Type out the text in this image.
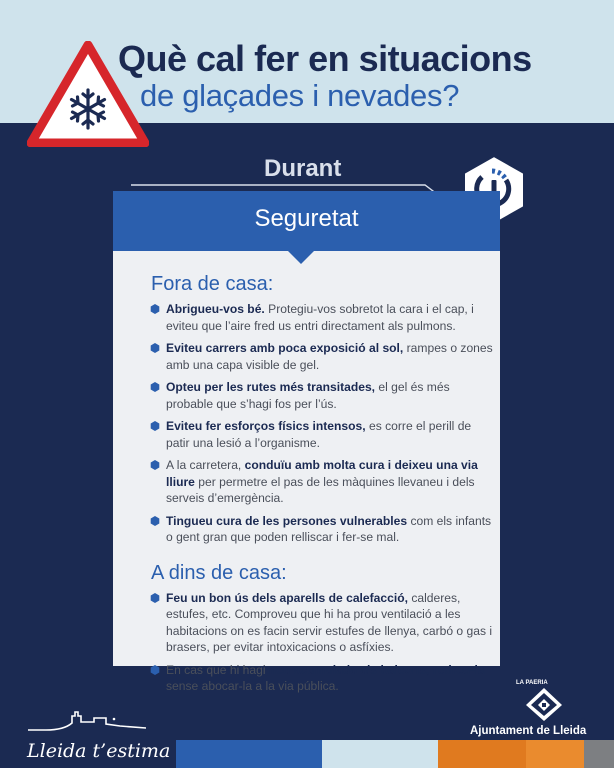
Què cal fer en situacions
de glaçades i nevades?
Durant
Fora de casa:
Abrigueu-vos bé. Protegiu-vos sobretot la cara i el cap, i eviteu que l’aire fred us entri directament als pulmons.
Eviteu carrers amb poca exposició al sol, rampes o zones amb una capa visible de gel.
Opteu per les rutes més transitades, el gel és més probable que s’hagi fos per l’ús.
Eviteu fer esforços físics intensos, es corre el perill de patir una lesió a l’organisme.
A la carretera, conduïu amb molta cura i deixeu una via lliure per permetre el pas de les màquines llevaneu i dels serveis d’emergència.
Tingueu cura de les persones vulnerables com els infants o gent gran que poden relliscar i fer-se mal.
A dins de casa:
Feu un bon ús dels aparells de calefacció, calderes, estufes, etc. Comproveu que hi ha prou ventilació a les habitacions on es facin servir estufes de llenya, carbó o gas i brasers, per evitar intoxicacions o asfíxies.
En cas que hi hagi neu acumulada als balcons, retireu-la sense abocar-la a la via pública.
Seguretat
Lleida t’estima
LA PAERIA
Ajuntament de Lleida
